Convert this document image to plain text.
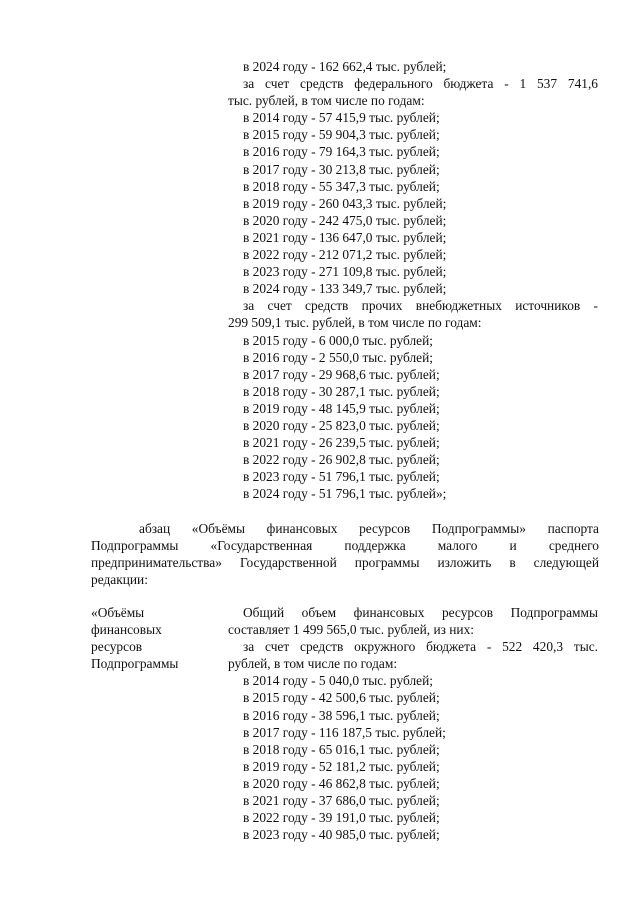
в 2024 году - 162 662,4 тыс. рублей;
за счет средств федерального бюджета - 1 537 741,6
тыс. рублей, в том числе по годам:
в 2014 году - 57 415,9 тыс. рублей;
в 2015 году - 59 904,3 тыс. рублей;
в 2016 году - 79 164,3 тыс. рублей;
в 2017 году - 30 213,8 тыс. рублей;
в 2018 году - 55 347,3 тыс. рублей;
в 2019 году - 260 043,3 тыс. рублей;
в 2020 году - 242 475,0 тыс. рублей;
в 2021 году - 136 647,0 тыс. рублей;
в 2022 году - 212 071,2 тыс. рублей;
в 2023 году - 271 109,8 тыс. рублей;
в 2024 году - 133 349,7 тыс. рублей;
за счет средств прочих внебюджетных источников -
299 509,1 тыс. рублей, в том числе по годам:
в 2015 году - 6 000,0 тыс. рублей;
в 2016 году - 2 550,0 тыс. рублей;
в 2017 году - 29 968,6 тыс. рублей;
в 2018 году - 30 287,1 тыс. рублей;
в 2019 году - 48 145,9 тыс. рублей;
в 2020 году - 25 823,0 тыс. рублей;
в 2021 году - 26 239,5 тыс. рублей;
в 2022 году - 26 902,8 тыс. рублей;
в 2023 году - 51 796,1 тыс. рублей;
в 2024 году - 51 796,1 тыс. рублей»;
абзац «Объёмы финансовых ресурсов Подпрограммы» паспорта
Подпрограммы «Государственная поддержка малого и среднего
предпринимательства» Государственной программы изложить в следующей
редакции:
«Объёмы
финансовых
ресурсов
Подпрограммы
Общий объем финансовых ресурсов Подпрограммы
составляет 1 499 565,0 тыс. рублей, из них:
за счет средств окружного бюджета - 522 420,3 тыс.
рублей, в том числе по годам:
в 2014 году - 5 040,0 тыс. рублей;
в 2015 году - 42 500,6 тыс. рублей;
в 2016 году - 38 596,1 тыс. рублей;
в 2017 году - 116 187,5 тыс. рублей;
в 2018 году - 65 016,1 тыс. рублей;
в 2019 году - 52 181,2 тыс. рублей;
в 2020 году - 46 862,8 тыс. рублей;
в 2021 году - 37 686,0 тыс. рублей;
в 2022 году - 39 191,0 тыс. рублей;
в 2023 году - 40 985,0 тыс. рублей;
